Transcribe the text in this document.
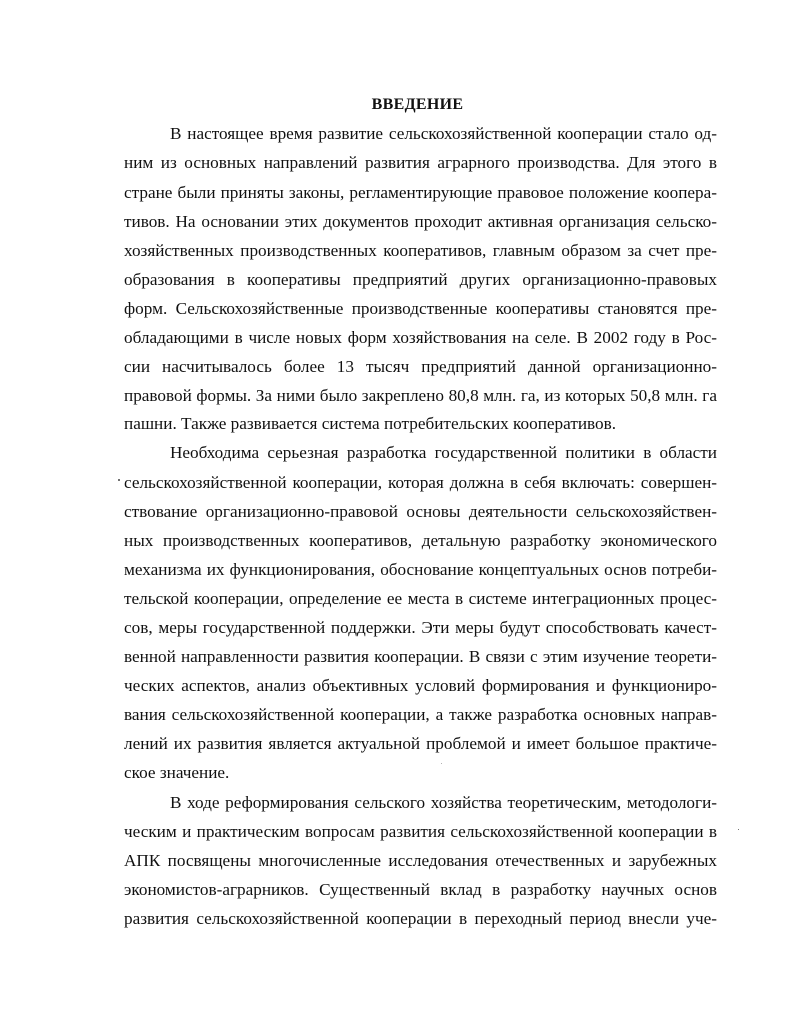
ВВЕДЕНИЕ
В настоящее время развитие сельскохозяйственной кооперации стало од-
ним из основных направлений развития аграрного производства. Для этого в
стране были приняты законы, регламентирующие правовое положение коопера-
тивов. На основании этих документов проходит активная организация сельско-
хозяйственных производственных кооперативов, главным образом за счет пре-
образования в кооперативы предприятий других организационно-правовых
форм. Сельскохозяйственные производственные кооперативы становятся пре-
обладающими в числе новых форм хозяйствования на селе. В 2002 году в Рос-
сии насчитывалось более 13 тысяч предприятий данной организационно-
правовой формы. За ними было закреплено 80,8 млн. га, из которых 50,8 млн. га
пашни. Также развивается система потребительских кооперативов.
Необходима серьезная разработка государственной политики в области
сельскохозяйственной кооперации, которая должна в себя включать: совершен-
ствование организационно-правовой основы деятельности сельскохозяйствен-
ных производственных кооперативов, детальную разработку экономического
механизма их функционирования, обоснование концептуальных основ потреби-
тельской кооперации, определение ее места в системе интеграционных процес-
сов, меры государственной поддержки. Эти меры будут способствовать качест-
венной направленности развития кооперации. В связи с этим изучение теорети-
ческих аспектов, анализ объективных условий формирования и функциониро-
вания сельскохозяйственной кооперации, а также разработка основных направ-
лений их развития является актуальной проблемой и имеет большое практиче-
ское значение.
В ходе реформирования сельского хозяйства теоретическим, методологи-
ческим и практическим вопросам развития сельскохозяйственной кооперации в
АПК посвящены многочисленные исследования отечественных и зарубежных
экономистов-аграрников. Существенный вклад в разработку научных основ
развития сельскохозяйственной кооперации в переходный период внесли уче-
